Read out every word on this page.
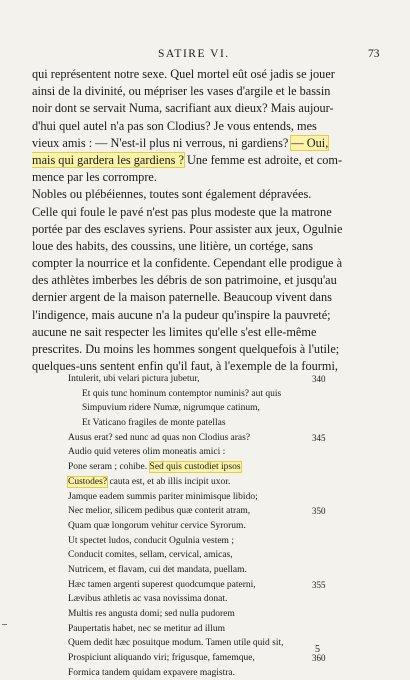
SATIRE VI.	73
qui représentent notre sexe. Quel mortel eût osé jadis se jouer
ainsi de la divinité, ou mépriser les vases d'argile et le bassin
noir dont se servait Numa, sacrifiant aux dieux? Mais aujour-
d'hui quel autel n'a pas son Clodius? Je vous entends, mes
vieux amis : — N'est-il plus ni verrous, ni gardiens? — Oui,
mais qui gardera les gardiens ? Une femme est adroite, et com-
mence par les corrompre.
Nobles ou plébéiennes, toutes sont également dépravées.
Celle qui foule le pavé n'est pas plus modeste que la matrone
portée par des esclaves syriens. Pour assister aux jeux, Ogulnie
loue des habits, des coussins, une litière, un cortége, sans
compter la nourrice et la confidente. Cependant elle prodigue à
des athlètes imberbes les débris de son patrimoine, et jusqu'au
dernier argent de la maison paternelle. Beaucoup vivent dans
l'indigence, mais aucune n'a la pudeur qu'inspire la pauvreté;
aucune ne sait respecter les limites qu'elle s'est elle-même
prescrites. Du moins les hommes songent quelquefois à l'utile;
quelques-uns sentent enfin qu'il faut, à l'exemple de la fourmi,
Intulerit, ubi velari pictura jubetur,	340
Et quis tunc hominum contemptor numinis? aut quis
Simpuvium ridere Numæ, nigrumque catinum,
Et Vaticano fragiles de monte patellas
Ausus erat? sed nunc ad quas non Clodius aras?	345
Audio quid veteres olim moneatis amici :
Pone seram ; cohibe. Sed quis custodiet ipsos
Custodes? cauta est, et ab illis incipit uxor.
Jamque eadem summis pariter minimisque libido;
Nec melior, silicem pedibus quæ conterit atram,	350
Quam quæ longorum vehitur cervice Syrorum.
Ut spectet ludos, conducit Ogulnia vestem ;
Conducit comites, sellam, cervical, amicas,
Nutricem, et flavam, cui det mandata, puellam.
Hæc tamen argenti superest quodcumque paterni,	355
Lævibus athletis ac vasa novissima donat.
Multis res angusta domi; sed nulla pudorem
Paupertatis habet, nec se metitur ad illum
Quem dedit hæc posuitque modum. Tamen utile quid sit,
Prospiciunt aliquando viri; frigusque, famemque,	360
Formica tandem quidam expavere magistra.
5
